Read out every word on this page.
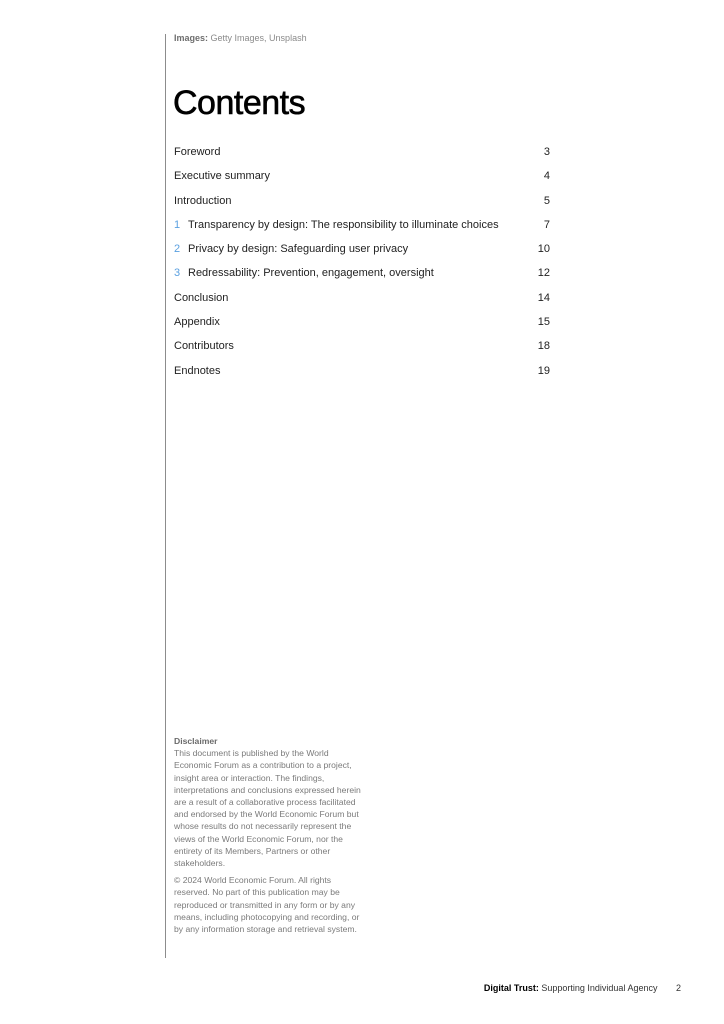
Images: Getty Images, Unsplash
Contents
Foreword	3
Executive summary	4
Introduction	5
1 Transparency by design: The responsibility to illuminate choices	7
2 Privacy by design: Safeguarding user privacy	10
3 Redressability: Prevention, engagement, oversight	12
Conclusion	14
Appendix	15
Contributors	18
Endnotes	19
Disclaimer

This document is published by the World Economic Forum as a contribution to a project, insight area or interaction. The findings, interpretations and conclusions expressed herein are a result of a collaborative process facilitated and endorsed by the World Economic Forum but whose results do not necessarily represent the views of the World Economic Forum, nor the entirety of its Members, Partners or other stakeholders.

© 2024 World Economic Forum. All rights reserved. No part of this publication may be reproduced or transmitted in any form or by any means, including photocopying and recording, or by any information storage and retrieval system.

Digital Trust: Supporting Individual Agency 2
